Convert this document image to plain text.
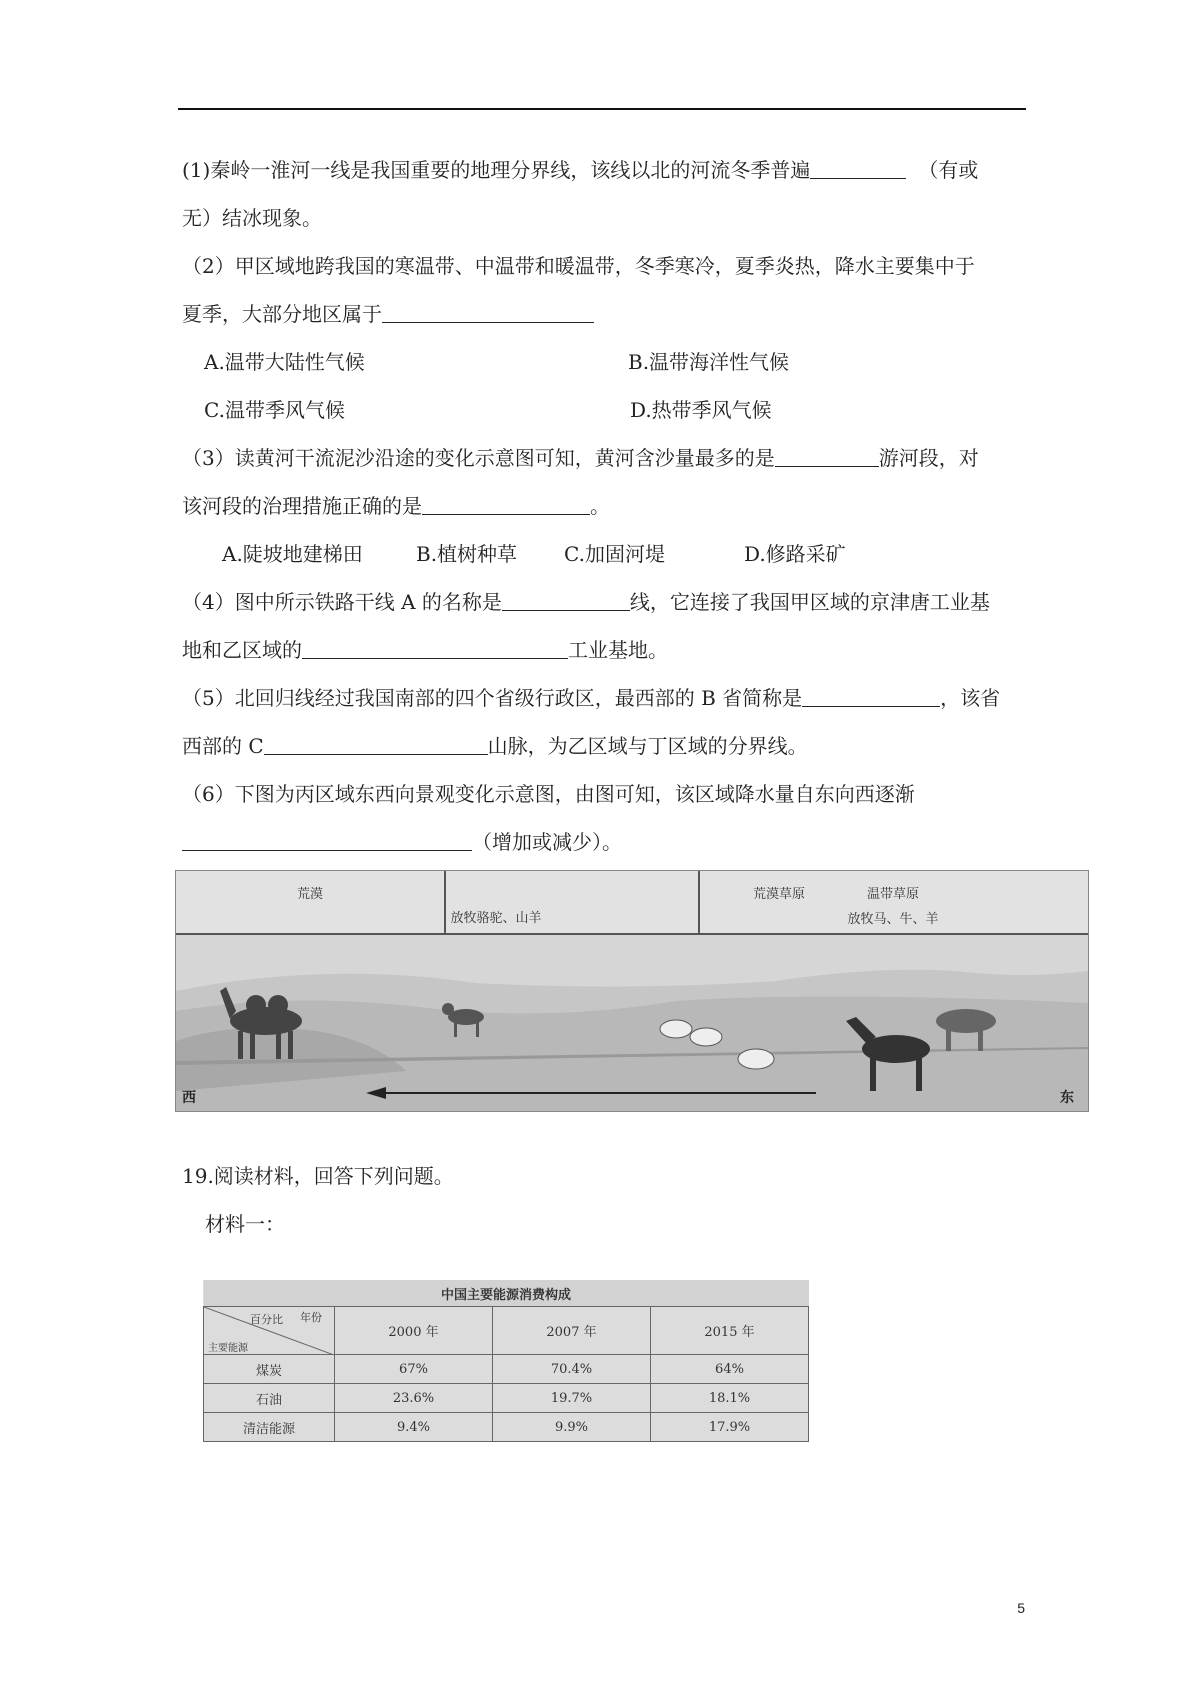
(1)秦岭一淮河一线是我国重要的地理分界线，该线以北的河流冬季普遍	（有或
无）结冰现象。
（2）甲区域地跨我国的寒温带、中温带和暖温带，冬季寒冷，夏季炎热，降水主要集中于
夏季，大部分地区属于
A.温带大陆性气候	B.温带海洋性气候
C.温带季风气候	D.热带季风气候
（3）读黄河干流泥沙沿途的变化示意图可知，黄河含沙量最多的是	游河段，对
该河段的治理措施正确的是	。
A.陡坡地建梯田	B.植树种草 C.加固河堤	D.修路采矿
（4）图中所示铁路干线 A 的名称是	线，它连接了我国甲区域的京津唐工业基
地和乙区域的	工业基地。
（5）北回归线经过我国南部的四个省级行政区，最西部的 B 省简称是	，该省
西部的 C	山脉，为乙区域与丁区域的分界线。
（6）下图为丙区域东西向景观变化示意图，由图可知，该区域降水量自东向西逐渐
（增加或减少）。
荒漠	荒漠草原
放牧骆驼、山羊
温带草原
放牧马、牛、羊
西	东
19.阅读材料，回答下列问题。
材料一：
中国主要能源消费构成			

百分比 年份
主要能源	2000 年	2007 年	2015 年
煤炭	67%	70.4%	64%
石油	23.6%	19.7%	18.1%
清洁能源	9.4%	9.9%	17.9%
5
